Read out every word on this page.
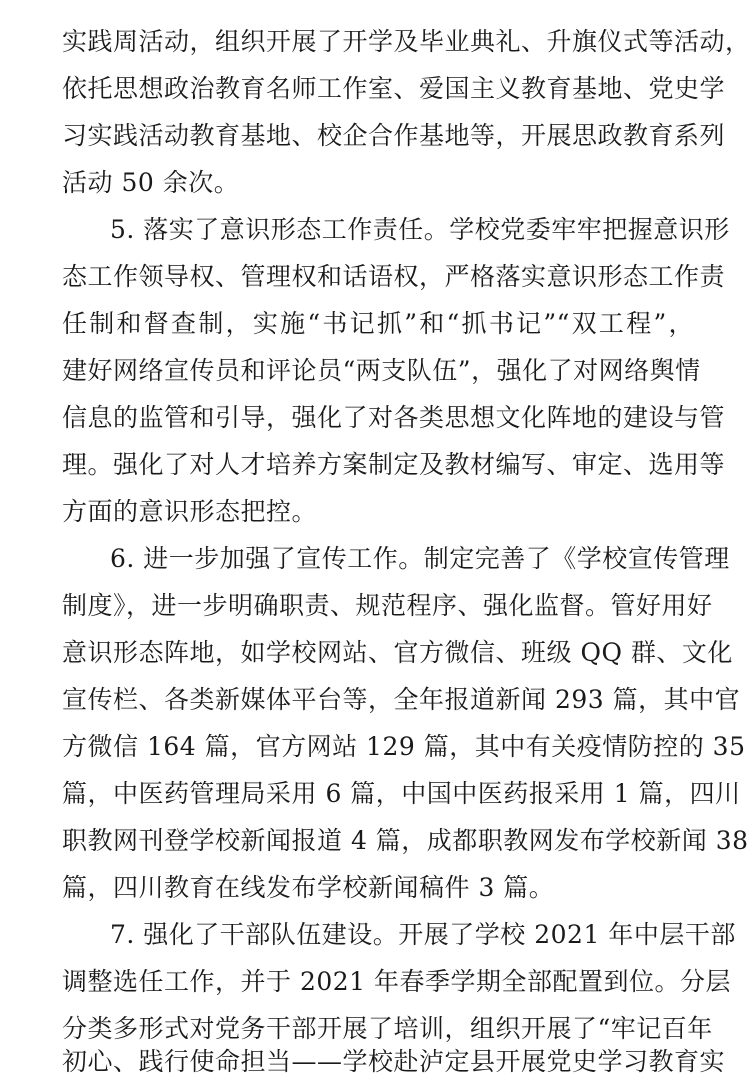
实践周活动，组织开展了开学及毕业典礼、升旗仪式等活动，
依托思想政治教育名师工作室、爱国主义教育基地、党史学
习实践活动教育基地、校企合作基地等，开展思政教育系列
活动 50 余次。
5. 落实了意识形态工作责任。学校党委牢牢把握意识形
态工作领导权、管理权和话语权，严格落实意识形态工作责
任制和督查制，实施“书记抓”和“抓书记”“双工程”，
建好网络宣传员和评论员“两支队伍”，强化了对网络舆情
信息的监管和引导，强化了对各类思想文化阵地的建设与管
理。强化了对人才培养方案制定及教材编写、审定、选用等
方面的意识形态把控。
6. 进一步加强了宣传工作。制定完善了《学校宣传管理
制度》，进一步明确职责、规范程序、强化监督。管好用好
意识形态阵地，如学校网站、官方微信、班级 QQ 群、文化
宣传栏、各类新媒体平台等，全年报道新闻 293 篇，其中官
方微信 164 篇，官方网站 129 篇，其中有关疫情防控的 35
篇，中医药管理局采用 6 篇，中国中医药报采用 1 篇，四川
职教网刊登学校新闻报道 4 篇，成都职教网发布学校新闻 38
篇，四川教育在线发布学校新闻稿件 3 篇。
7. 强化了干部队伍建设。开展了学校 2021 年中层干部
调整选任工作，并于 2021 年春季学期全部配置到位。分层
分类多形式对党务干部开展了培训，组织开展了“牢记百年
初心、践行使命担当——学校赴泸定县开展党史学习教育实
